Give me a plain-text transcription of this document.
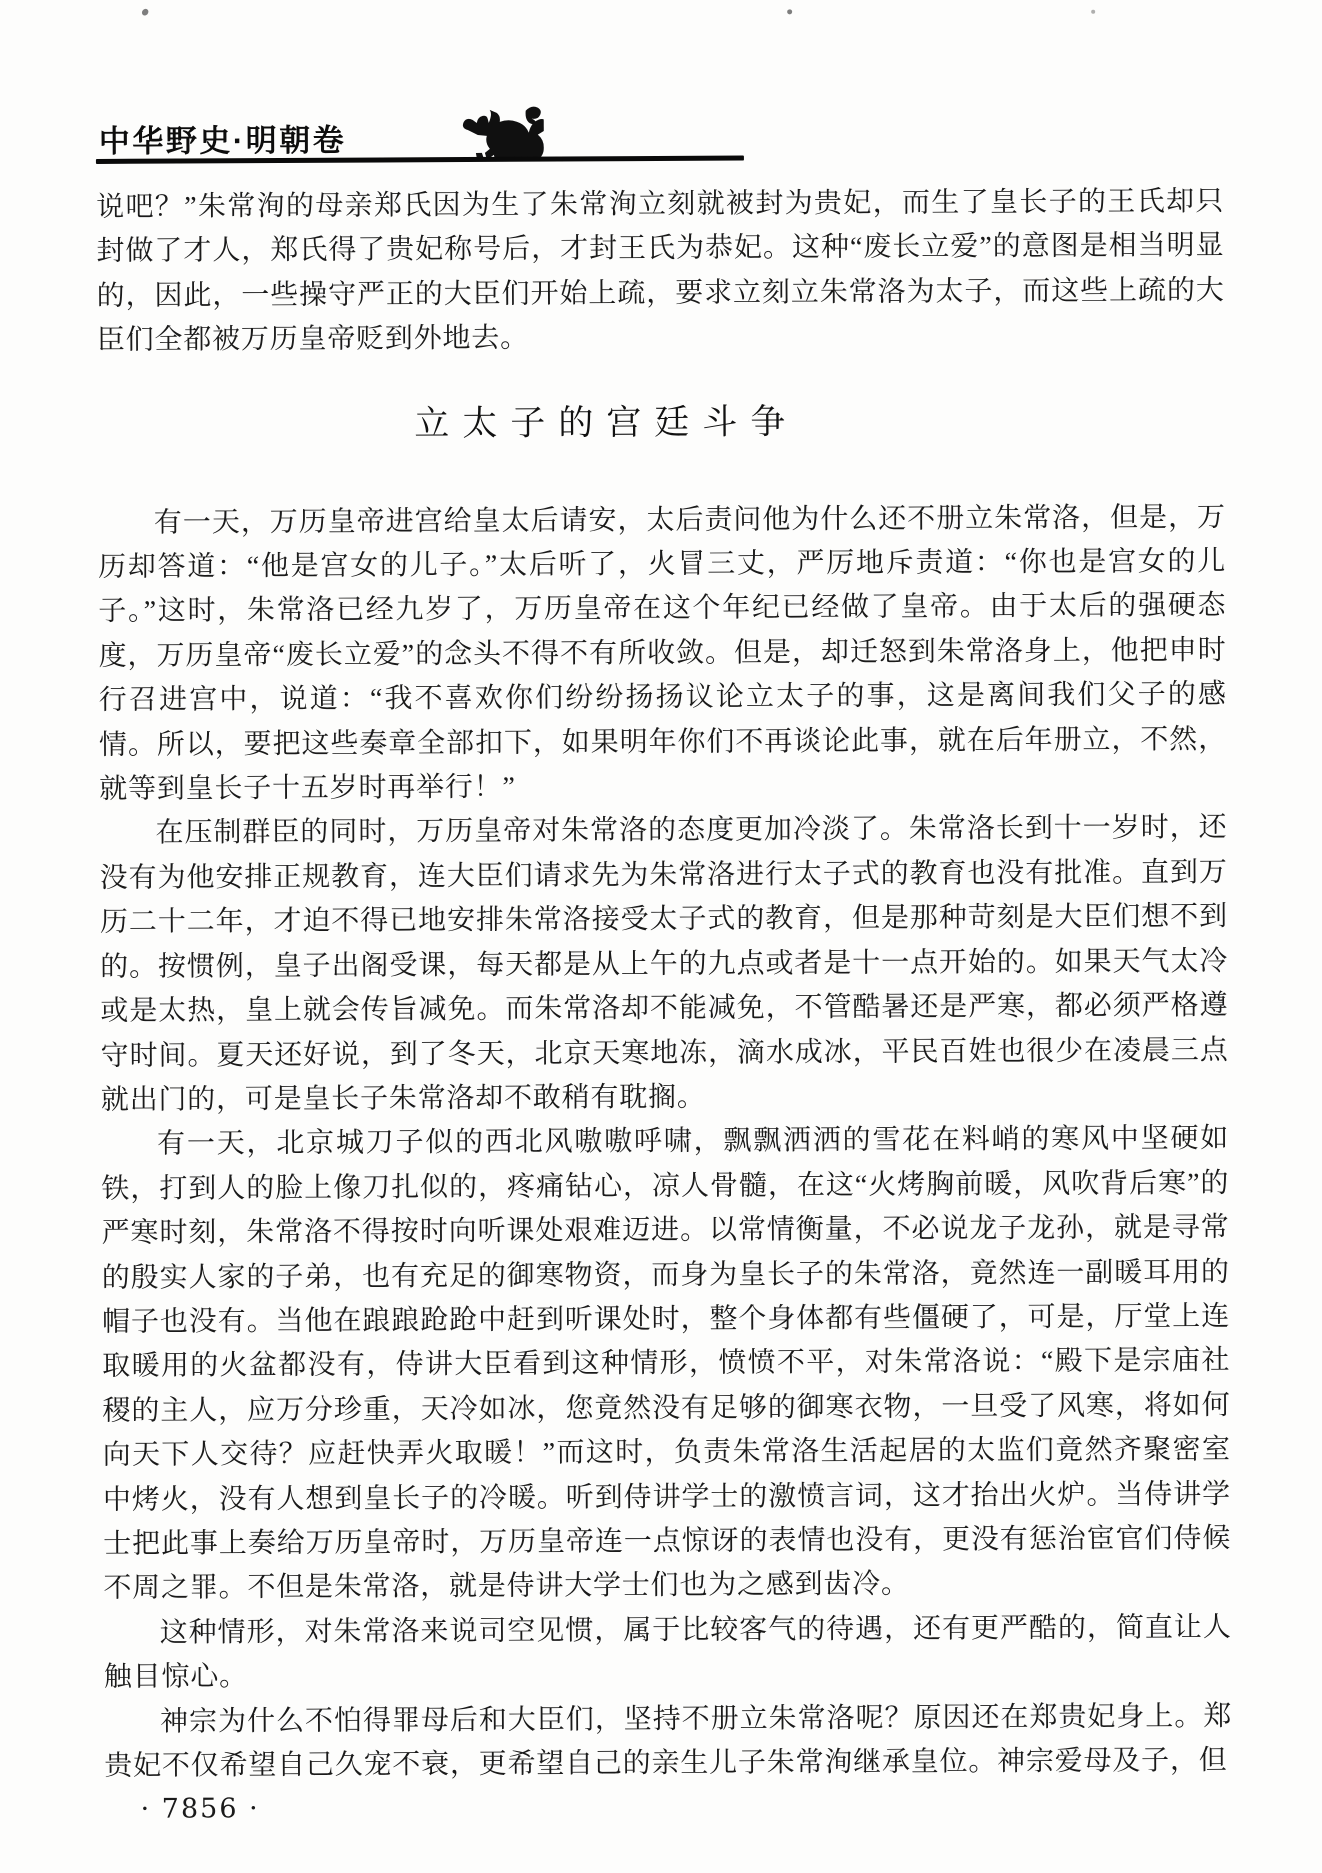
中华野史·明朝卷

说吧？”朱常洵的母亲郑氏因为生了朱常洵立刻就被封为贵妃，而生了皇长子的王氏却只封做了才人，郑氏得了贵妃称号后，才封王氏为恭妃。这种“废长立爱”的意图是相当明显的，因此，一些操守严正的大臣们开始上疏，要求立刻立朱常洛为太子，而这些上疏的大臣们全都被万历皇帝贬到外地去。

立太子的宫廷斗争

有一天，万历皇帝进宫给皇太后请安，太后责问他为什么还不册立朱常洛，但是，万历却答道：“他是宫女的儿子。”太后听了，火冒三丈，严厉地斥责道：“你也是宫女的儿子。”这时，朱常洛已经九岁了，万历皇帝在这个年纪已经做了皇帝。由于太后的强硬态度，万历皇帝“废长立爱”的念头不得不有所收敛。但是，却迁怒到朱常洛身上，他把申时行召进宫中，说道：“我不喜欢你们纷纷扬扬议论立太子的事，这是离间我们父子的感情。所以，要把这些奏章全部扣下，如果明年你们不再谈论此事，就在后年册立，不然，就等到皇长子十五岁时再举行！”

在压制群臣的同时，万历皇帝对朱常洛的态度更加冷淡了。朱常洛长到十一岁时，还没有为他安排正规教育，连大臣们请求先为朱常洛进行太子式的教育也没有批准。直到万历二十二年，才迫不得已地安排朱常洛接受太子式的教育，但是那种苛刻是大臣们想不到的。按惯例，皇子出阁受课，每天都是从上午的九点或者是十一点开始的。如果天气太冷或是太热，皇上就会传旨减免。而朱常洛却不能减免，不管酷暑还是严寒，都必须严格遵守时间。夏天还好说，到了冬天，北京天寒地冻，滴水成冰，平民百姓也很少在凌晨三点就出门的，可是皇长子朱常洛却不敢稍有耽搁。

有一天，北京城刀子似的西北风嗷嗷呼啸，飘飘洒洒的雪花在料峭的寒风中坚硬如铁，打到人的脸上像刀扎似的，疼痛钻心，凉人骨髓，在这“火烤胸前暖，风吹背后寒”的严寒时刻，朱常洛不得按时向听课处艰难迈进。以常情衡量，不必说龙子龙孙，就是寻常的殷实人家的子弟，也有充足的御寒物资，而身为皇长子的朱常洛，竟然连一副暖耳用的帽子也没有。当他在踉踉跄跄中赶到听课处时，整个身体都有些僵硬了，可是，厅堂上连取暖用的火盆都没有，侍讲大臣看到这种情形，愤愤不平，对朱常洛说：“殿下是宗庙社稷的主人，应万分珍重，天冷如冰，您竟然没有足够的御寒衣物，一旦受了风寒，将如何向天下人交待？应赶快弄火取暖！”而这时，负责朱常洛生活起居的太监们竟然齐聚密室中烤火，没有人想到皇长子的冷暖。听到侍讲学士的激愤言词，这才抬出火炉。当侍讲学士把此事上奏给万历皇帝时，万历皇帝连一点惊讶的表情也没有，更没有惩治宦官们侍候不周之罪。不但是朱常洛，就是侍讲大学士们也为之感到齿冷。

这种情形，对朱常洛来说司空见惯，属于比较客气的待遇，还有更严酷的，简直让人触目惊心。

神宗为什么不怕得罪母后和大臣们，坚持不册立朱常洛呢？原因还在郑贵妃身上。郑贵妃不仅希望自己久宠不衰，更希望自己的亲生儿子朱常洵继承皇位。神宗爱母及子，但

· 7856 ·
